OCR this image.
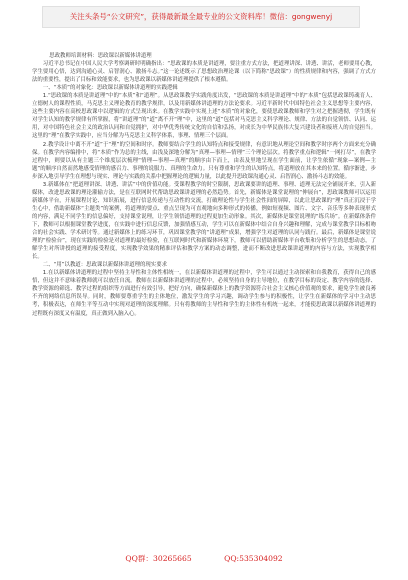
关注头条号“公文研究”，获得最新最全最专业的公文资料库！微信：gongwenyj

思政教师培训材料：思政课以新媒体讲道理

习近平总书记在中国人民大学考察调研时明确指出：“思政课的本质是讲道理，要注重方式方法，把道理讲深、讲透、讲活，老师要用心教，学生要用心悟，达到沟通心灵、启智润心、激扬斗志。”这一论述既示了思想政治理论课（以下简称“思政课”）的性质规律和内容，强调了方式方法的重要性，提出了目标和效能要求，也为思政课以新媒体讲道理提供了根本遵循。

一、“本质”的对象化：思政课以新媒体讲道理的实践逻辑

1.“思政课的本质是讲道理”中的“本质”和“道理”。从思政课教学实践角度出发，“思政课的本质是讲道理”中的“本质”包括思政课铸魂育人、立德树人的课程性质，马克思主义理论教育的教学规律，以及用新媒体讲道理的方法论要求。习近平新时代中国特色社会主义思想等主要内容，这些主要内容在高校思政课中以逻辑的方式呈现出来。在教学实践中实现上述“本质”的对象化，要使思政课教师和学生对之把握透彻，学生既有对学生认知的教学规律有所掌握，将“讲道理”的“道”离不开“理”中，这里的“道”包括对马克思主义科学理论、规律、方法的自觉领悟、认同、运用，对中国特色社会主义的政治认同和自觉拥护，对中华优秀传统文化的自信和弘扬，对成长为中华民族伟大复兴建设者和接班人的自觉担当。这里的“理”在教学实践中，应当分解为马克思主义科学体系，事理、情理三个层面。

2.教学设计中离不开“道”于“理”的空间和时序。教师要结合学生的认知特点和接受规律，有意识地从理论空间和教学时序两个方面来充分确保。在教学内容编排中，将“本质”作为总的主线，由浅及深地分解为“真理—事理—情理”三个理论层次。将教学重点和逻辑“一网打尽”，在教学过程中，则要以从有主题三个维度层次梳理“情理—事理—真理”的顺序由下而上，由表及里地呈现在学生面前，让学生依循“现象—案例—主题”的顺序自然而然地感受情理的感召力、事理的说服力、真理的生命力。只有尊重和学生的认知特点，将道理放在其本来的位置。循序渐进，步步深入地引导学生在理想与现实、理论与实践的关系中把握理论的逻辑力量，以此提升思政课沟通心灵、启智润心、激扬斗志的效能。

3.新媒体在“把道理讲深、讲透、讲活”中的价值功能。受课程教学的时空限制，思政课要讲的道理、事理、道理无法完全铺展开来，引入新媒体，改进思政课的理论灌输方法，是在互联网时代帮助思政课讲道理的必然趋势。首先，新媒体是课堂说理的“伸展台”，思政课教师可以运用新媒体平台，开展课程讨论、知识拓展，进行信息传递与互动性的交流，打破理论性与学生社会性间的屏障，以此让思政课的“理”真正沉浸于学生心中，借助新媒体“主题类”的案例，将道理的要点、重点呈现为可直观地向多种形式的传播，例如短视频、图片、文字、音乐等多种表现形式的内容，满足不同学生的信息偏好，支持课堂说理，让学生领悟道理的过程更加生动形象。其次，新媒体是课堂说理的“练兵场”。在新媒体条件下，教师可以根据课堂教学进度，在实践中进行信息反馈，加强情感互动，学生可以在新媒体中结合自身兴趣和理解，完成与课堂教学目标相吻合的社会实践、学术研讨等。通过新媒体上的练习环节，巩固课堂教学的“讲道理”成果，增强学生对道理的认同与践行。最后，新媒体是课堂说理的“检验台”，现在实践的检验是对道理的最好检验，在互联网时代和新媒体环境下，教师可以借助新媒体平台收集和分析学生的思想动态，了解学生对所讲授的道理的接受程度，实现教学效果的精准评估和教学方案的动态调整，进而不断改进思政课讲道理的内容与方法，实现教学相长。

二、“用”以教道：思政课以新媒体讲道理的现实要求

1.在以新媒体讲道理的过程中坚持主导性和主体性相统一，在以新媒体讲道理的过程中，学生可以通过主动探索和自我教育，获得自己的感悟，但这并不意味着教师就可以放任自流。教师在以新媒体讲道理的过程中，必须坚持自身的主导地位，在教学目标的设定、教学内容的选择、教学资源的筛选、教学过程的组织等方面进行有效引导，把好方向，确保新媒体上的教学资源符合社会主义核心价值观的要求，避免学生被良莠不齐的网络信息所误导。同时，教师要尊重学生的主体地位，激发学生的学习兴趣，调动学生参与的积极性，让学生在新媒体的学习中主动思考，积极表达，在师生平等互动中实现对道理的深度理解。只有将教师的主导性和学生的主体性有机统一起来，才能使思政课以新媒体讲道理的过程既有深度又有温度，真正做到入脑入心。

QQ群：30265665	QQ:535304092
